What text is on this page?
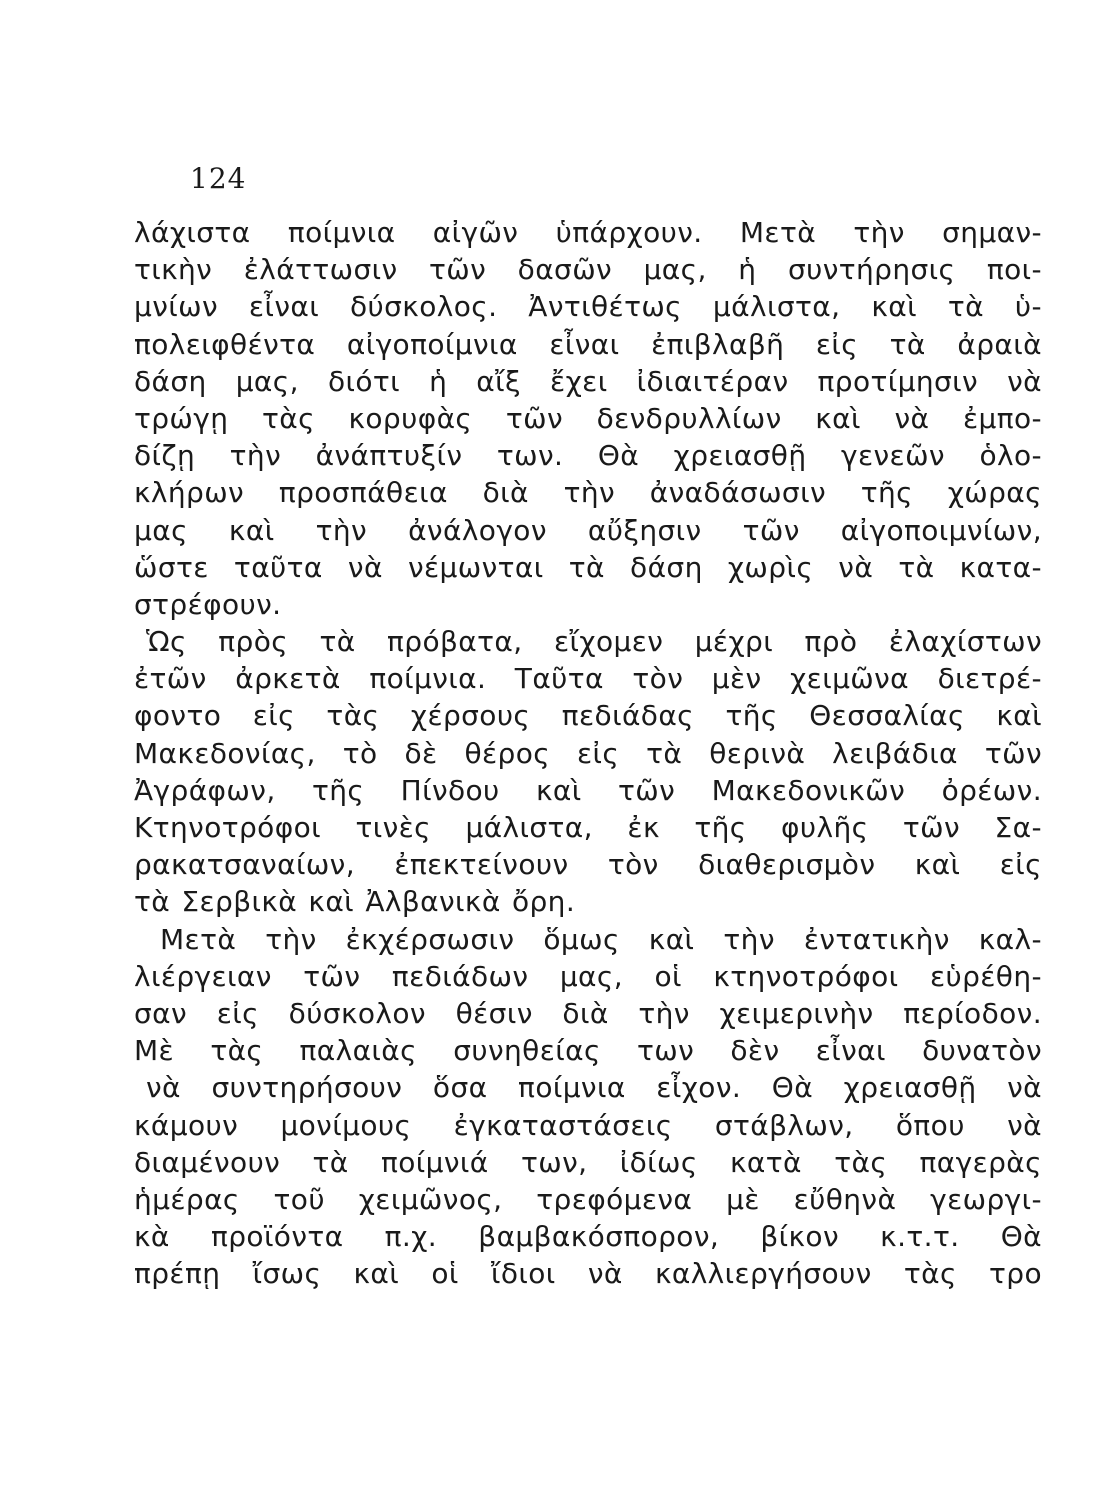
124
λάχιστα ποίμνια αἰγῶν ὑπάρχουν. Μετὰ τὴν σημαν-
τικὴν ἐλάττωσιν τῶν δασῶν μας, ἡ συντήρησις ποι-
μνίων εἶναι δύσκολος. Ἀντιθέτως μάλιστα, καὶ τὰ ὑ-
πολειφθέντα αἰγοποίμνια εἶναι ἐπιβλαβῆ εἰς τὰ ἀραιὰ
δάση μας, διότι ἡ αἴξ ἔχει ἰδιαιτέραν προτίμησιν νὰ
τρώγῃ τὰς κορυφὰς τῶν δενδρυλλίων καὶ νὰ ἐμπο-
δίζῃ τὴν ἀνάπτυξίν των. Θὰ χρειασθῇ γενεῶν ὁλο-
κλήρων προσπάθεια διὰ τὴν ἀναδάσωσιν τῆς χώρας
μας καὶ τὴν ἀνάλογον αὔξησιν τῶν αἰγοποιμνίων,
ὥστε ταῦτα νὰ νέμωνται τὰ δάση χωρὶς νὰ τὰ κατα-
στρέφουν.
Ὡς πρὸς τὰ πρόβατα, εἴχομεν μέχρι πρὸ ἐλαχίστων
ἐτῶν ἀρκετὰ ποίμνια. Ταῦτα τὸν μὲν χειμῶνα διετρέ-
φοντο εἰς τὰς χέρσους πεδιάδας τῆς Θεσσαλίας καὶ
Μακεδονίας, τὸ δὲ θέρος εἰς τὰ θερινὰ λειβάδια τῶν
Ἀγράφων, τῆς Πίνδου καὶ τῶν Μακεδονικῶν ὀρέων.
Κτηνοτρόφοι τινὲς μάλιστα, ἐκ τῆς φυλῆς τῶν Σα-
ρακατσαναίων, ἐπεκτείνουν τὸν διαθερισμὸν καὶ εἰς
τὰ Σερβικὰ καὶ Ἀλβανικὰ ὄρη.
Μετὰ τὴν ἐκχέρσωσιν ὅμως καὶ τὴν ἐντατικὴν καλ-
λιέργειαν τῶν πεδιάδων μας, οἱ κτηνοτρόφοι εὑρέθη-
σαν εἰς δύσκολον θέσιν διὰ τὴν χειμερινὴν περίοδον.
Μὲ τὰς παλαιὰς συνηθείας των δὲν εἶναι δυνατὸν
νὰ συντηρήσουν ὅσα ποίμνια εἶχον. Θὰ χρειασθῇ νὰ
κάμουν μονίμους ἐγκαταστάσεις στάβλων, ὅπου νὰ
διαμένουν τὰ ποίμνιά των, ἰδίως κατὰ τὰς παγερὰς
ἡμέρας τοῦ χειμῶνος, τρεφόμενα μὲ εὔθηνὰ γεωργι-
κὰ προϊόντα π.χ. βαμβακόσπορον, βίκον κ.τ.τ. Θὰ
πρέπῃ ἴσως καὶ οἱ ἴδιοι νὰ καλλιεργήσουν τὰς τρο
